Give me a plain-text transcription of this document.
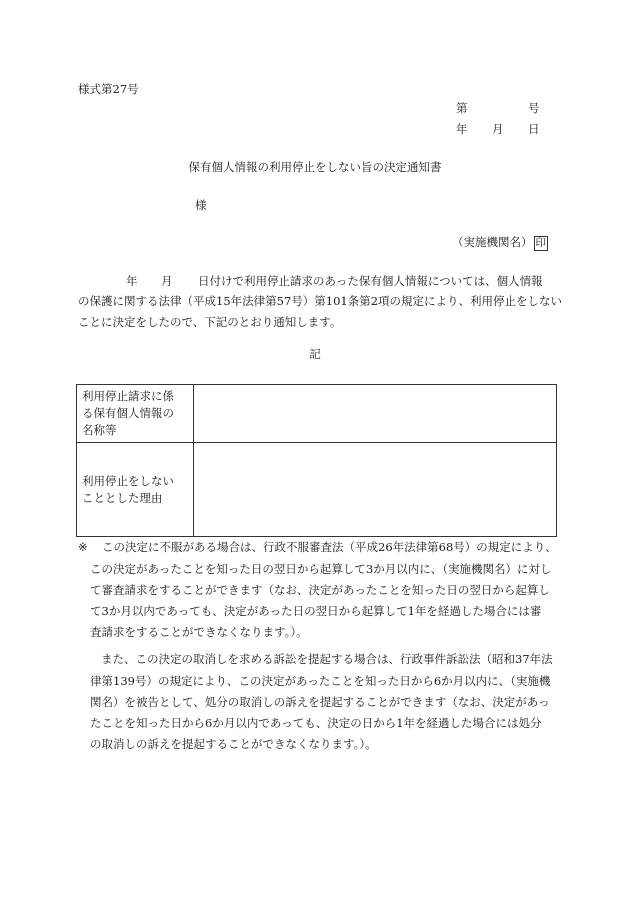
様式第27号
第	号
年 月 日
保有個人情報の利用停止をしない旨の決定通知書
様
（実施機関名） 印
年 月 日付けで利用停止請求のあった保有個人情報については、個人情報
の保護に関する法律（平成15年法律第57号）第101条第2項の規定により、利用停止をしない
ことに決定をしたので、下記のとおり通知します。
記
利用停止請求に係
る保有個人情報の
名称等	

利用停止をしない
こととした理由	

※ この決定に不服がある場合は、行政不服審査法（平成26年法律第68号）の規定により、
この決定があったことを知った日の翌日から起算して3か月以内に、（実施機関名）に対し
て審査請求をすることができます（なお、決定があったことを知った日の翌日から起算し
て3か月以内であっても、決定があった日の翌日から起算して1年を経過した場合には審
査請求をすることができなくなります。）。
また、この決定の取消しを求める訴訟を提起する場合は、行政事件訴訟法（昭和37年法
律第139号）の規定により、この決定があったことを知った日から6か月以内に、（実施機
関名）を被告として、処分の取消しの訴えを提起することができます（なお、決定があっ
たことを知った日から6か月以内であっても、決定の日から1年を経過した場合には処分
の取消しの訴えを提起することができなくなります。）。
